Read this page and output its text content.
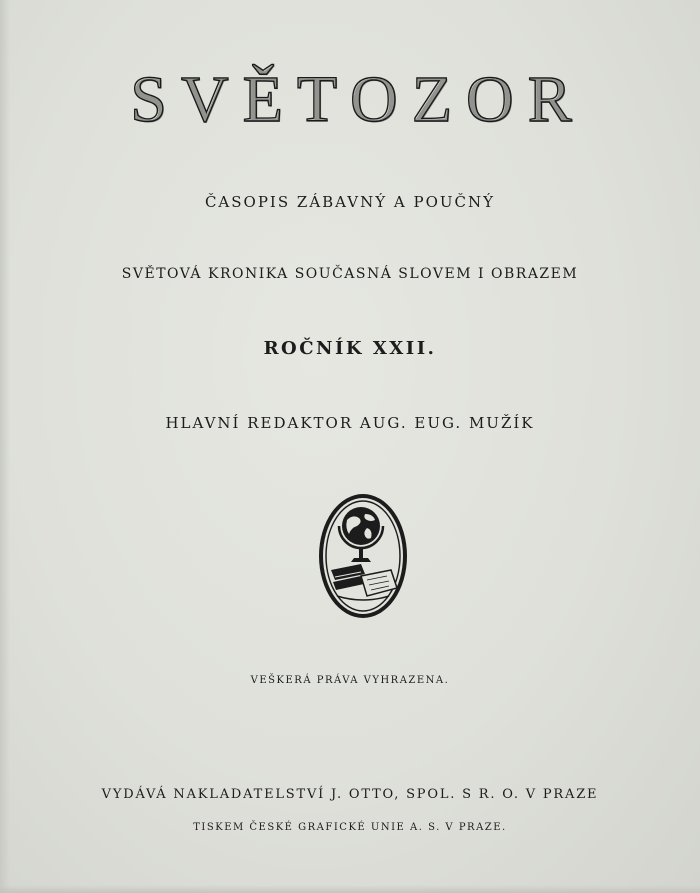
SVĚTOZOR
ČASOPIS ZÁBAVNÝ A POUČNÝ
SVĚTOVÁ KRONIKA SOUČASNÁ SLOVEM I OBRAZEM
ROČNÍK XXII.
HLAVNÍ REDAKTOR AUG. EUG. MUŽÍK
VEŠKERÁ PRÁVA VYHRAZENA.
VYDÁVÁ NAKLADATELSTVÍ J. OTTO, SPOL. S R. O. V PRAZE
TISKEM ČESKÉ GRAFICKÉ UNIE A. S. V PRAZE.
